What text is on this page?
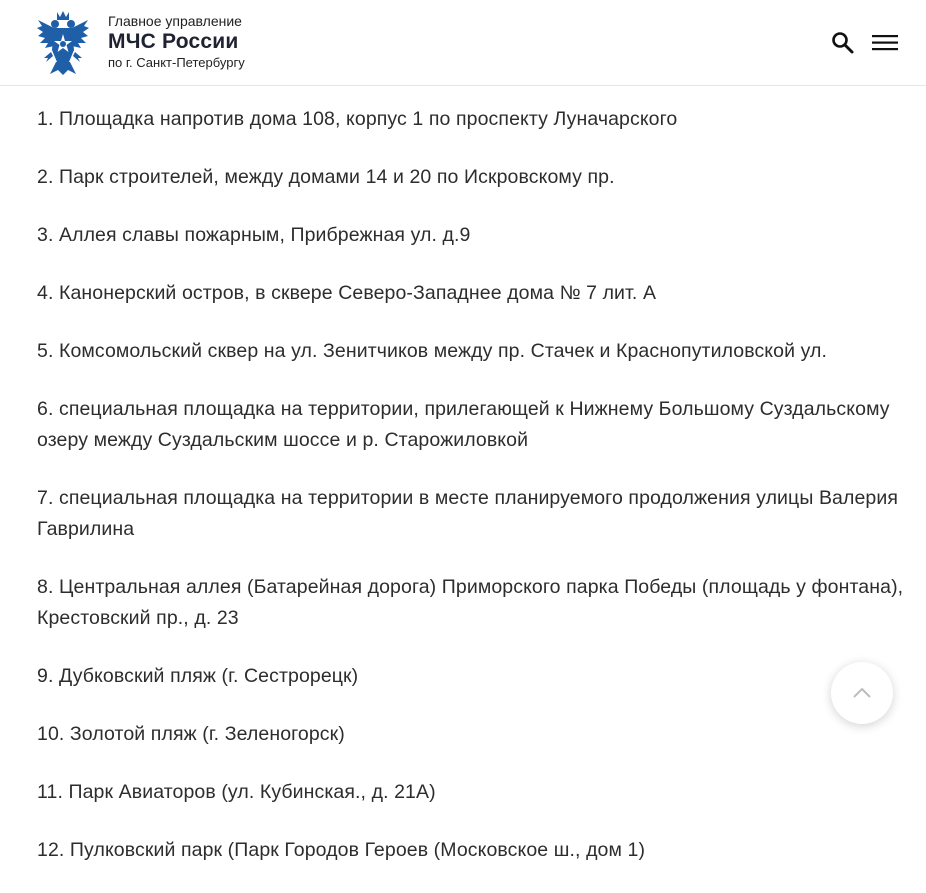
Главное управление
МЧС России
по г. Санкт-Петербургу
1. Площадка напротив дома 108, корпус 1 по проспекту Луначарского
2. Парк строителей, между домами 14 и 20 по Искровскому пр.
3. Аллея славы пожарным, Прибрежная ул. д.9
4. Канонерский остров, в сквере Северо-Западнее дома № 7 лит. А
5. Комсомольский сквер на ул. Зенитчиков между пр. Стачек и Краснопутиловской ул.
6. специальная площадка на территории, прилегающей к Нижнему Большому Суздальскому озеру между Суздальским шоссе и р. Старожиловкой
7. специальная площадка на территории в месте планируемого продолжения улицы Валерия Гаврилина
8. Центральная аллея (Батарейная дорога) Приморского парка Победы (площадь у фонтана), Крестовский пр., д. 23
9. Дубковский пляж (г. Сестрорецк)
10. Золотой пляж (г. Зеленогорск)
11. Парк Авиаторов (ул. Кубинская., д. 21А)
12. Пулковский парк (Парк Городов Героев (Московское ш., дом 1)
